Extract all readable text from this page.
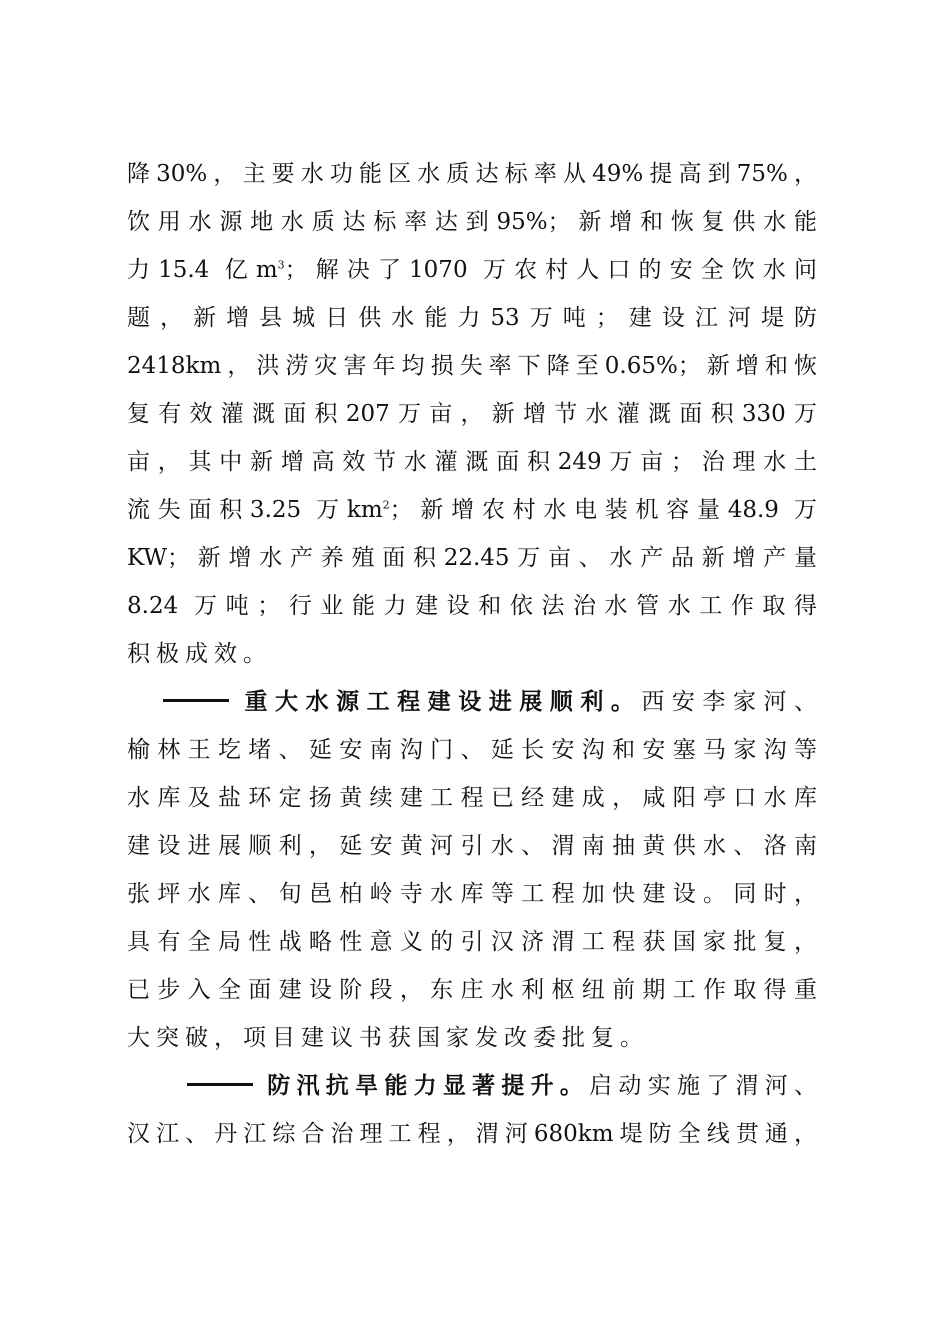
降30%，主要水功能区水质达标率从49%提高到75%，
饮用水源地水质达标率达到95%；新增和恢复供水能
力15.4 亿$m^3$；解决了1070 万农村人口的安全饮水问
题，新增县城日供水能力53万吨；建设江河堤防
2418km，洪涝灾害年均损失率下降至0.65%；新增和恢
复有效灌溉面积207万亩，新增节水灌溉面积330万
亩，其中新增高效节水灌溉面积249万亩；治理水土
流失面积3.25 万$km^2$；新增农村水电装机容量48.9 万
KW；新增水产养殖面积22.45万亩、水产品新增产量
8.24 万吨；行业能力建设和依法治水管水工作取得
积极成效。
重大水源工程建设进展顺利。西安李家河、
榆林王圪堵、延安南沟门、延长安沟和安塞马家沟等
水库及盐环定扬黄续建工程已经建成，咸阳亭口水库
建设进展顺利，延安黄河引水、渭南抽黄供水、洛南
张坪水库、旬邑柏岭寺水库等工程加快建设。同时，
具有全局性战略性意义的引汉济渭工程获国家批复，
已步入全面建设阶段，东庄水利枢纽前期工作取得重
大突破，项目建议书获国家发改委批复。
防汛抗旱能力显著提升。启动实施了渭河、
汉江、丹江综合治理工程，渭河680km堤防全线贯通，
